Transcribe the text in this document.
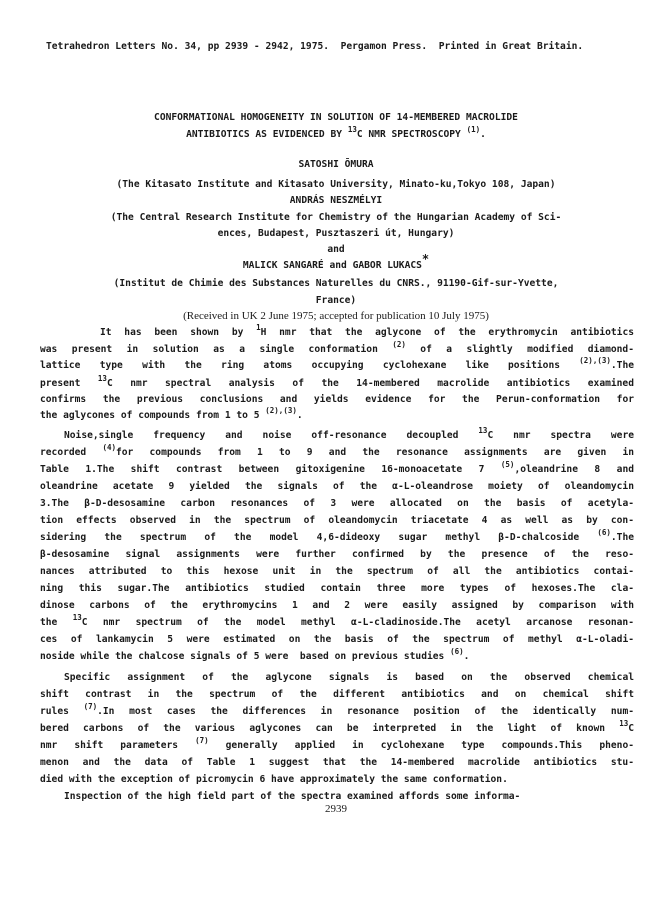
Tetrahedron Letters No. 34, pp 2939 - 2942, 1975.  Pergamon Press.  Printed in Great Britain.
CONFORMATIONAL HOMOGENEITY IN SOLUTION OF 14-MEMBERED MACROLIDE
ANTIBIOTICS AS EVIDENCED BY $^{13}$C NMR SPECTROSCOPY $^{(1)}$.
SATOSHI ŌMURA
(The Kitasato Institute and Kitasato University, Minato-ku,Tokyo 108, Japan)
ANDRÁS NESZMÉLYI
(The Central Research Institute for Chemistry of the Hungarian Academy of Sci-
ences, Budapest, Pusztaszeri út, Hungary)
and
MALICK SANGARÉ and GABOR LUKACS*
(Institut de Chimie des Substances Naturelles du CNRS., 91190-Gif-sur-Yvette,
France)
(Received in UK 2 June 1975; accepted for publication 10 July 1975)
It has been shown by $^1$H nmr that the aglycone of the erythromycin antibiotics
was present in solution as a single conformation $^{(2)}$ of a slightly modified diamond-
lattice type with the ring atoms occupying cyclohexane like positions $^{(2),(3)}$.The
present $^{13}$C nmr spectral analysis of the 14-membered macrolide antibiotics examined
confirms the previous conclusions and yields evidence for the Perun-conformation for
the aglycones of compounds from 1 to 5 $^{(2),(3)}$.
Noise,single frequency and noise off-resonance decoupled $^{13}$C nmr spectra were
recorded $^{(4)}$for compounds from 1 to 9 and the resonance assignments are given in
Table 1.The shift contrast between gitoxigenine 16-monoacetate 7 $^{(5)}$,oleandrine 8 and
oleandrine acetate 9 yielded the signals of the α-L-oleandrose moiety of oleandomycin
3.The β-D-desosamine carbon resonances of 3 were allocated on the basis of acetyla-
tion effects observed in the spectrum of oleandomycin triacetate 4 as well as by con-
sidering the spectrum of the model 4,6-dideoxy sugar methyl β-D-chalcoside $^{(6)}$.The
β-desosamine signal assignments were further confirmed by the presence of the reso-
nances attributed to this hexose unit in the spectrum of all the antibiotics contai-
ning this sugar.The antibiotics studied contain three more types of hexoses.The cla-
dinose carbons of the erythromycins 1 and 2 were easily assigned by comparison with
the $^{13}$C nmr spectrum of the model methyl α-L-cladinoside.The acetyl arcanose resonan-
ces of lankamycin 5 were estimated on the basis of the spectrum of methyl α-L-oladi-
noside while the chalcose signals of 5 were  based on previous studies $^{(6)}$.
Specific assignment of the aglycone signals is based on the observed chemical
shift contrast in the spectrum of the different antibiotics and on chemical shift
rules $^{(7)}$.In most cases the differences in resonance position of the identically num-
bered carbons of the various aglycones can be interpreted in the light of known $^{13}$C
nmr shift parameters $^{(7)}$ generally applied in cyclohexane type compounds.This pheno-
menon and the data of Table 1 suggest that the 14-membered macrolide antibiotics stu-
died with the exception of picromycin 6 have approximately the same conformation.
Inspection of the high field part of the spectra examined affords some informa-
2939
